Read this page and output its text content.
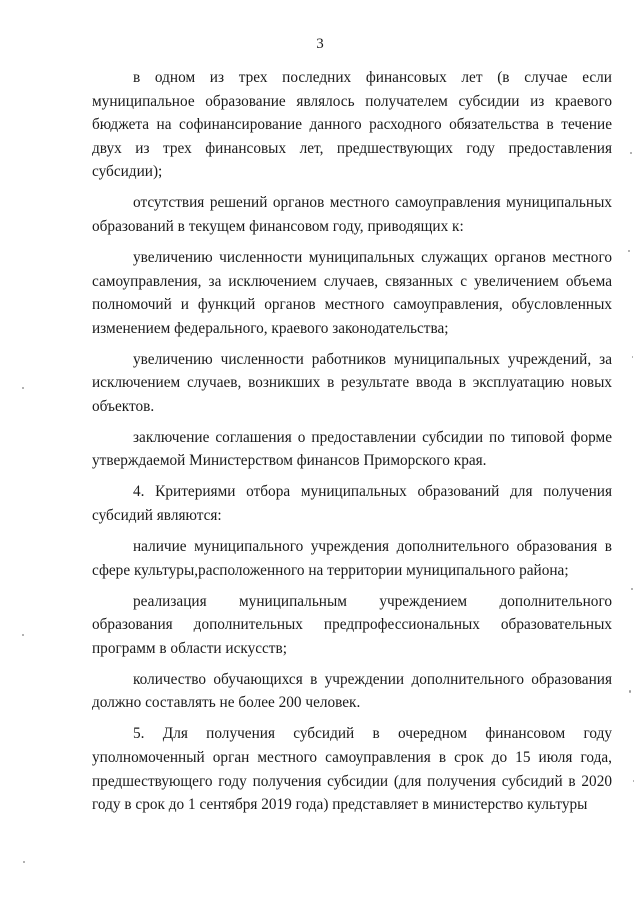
3
в одном из трех последних финансовых лет (в случае если
муниципальное образование являлось получателем субсидии из краевого
бюджета на софинансирование данного расходного обязательства в течение
двух из трех финансовых лет, предшествующих году предоставления
субсидии);
отсутствия решений органов местного самоуправления муниципальных
образований в текущем финансовом году, приводящих к:
увеличению численности муниципальных служащих органов местного
самоуправления, за исключением случаев, связанных с увеличением объема
полномочий и функций органов местного самоуправления, обусловленных
изменением федерального, краевого законодательства;
увеличению численности работников муниципальных учреждений, за
исключением случаев, возникших в результате ввода в эксплуатацию новых
объектов.
заключение соглашения о предоставлении субсидии по типовой форме
утверждаемой Министерством финансов Приморского края.
4. Критериями отбора муниципальных образований для получения
субсидий являются:
наличие муниципального учреждения дополнительного образования в
сфере культуры,расположенного на территории муниципального района;
реализация муниципальным учреждением дополнительного
образования дополнительных предпрофессиональных образовательных
программ в области искусств;
количество обучающихся в учреждении дополнительного образования
должно составлять не более 200 человек.
5. Для получения субсидий в очередном финансовом году
уполномоченный орган местного самоуправления в срок до 15 июля года,
предшествующего году получения субсидии (для получения субсидий в 2020
году в срок до 1 сентября 2019 года) представляет в министерство культуры
